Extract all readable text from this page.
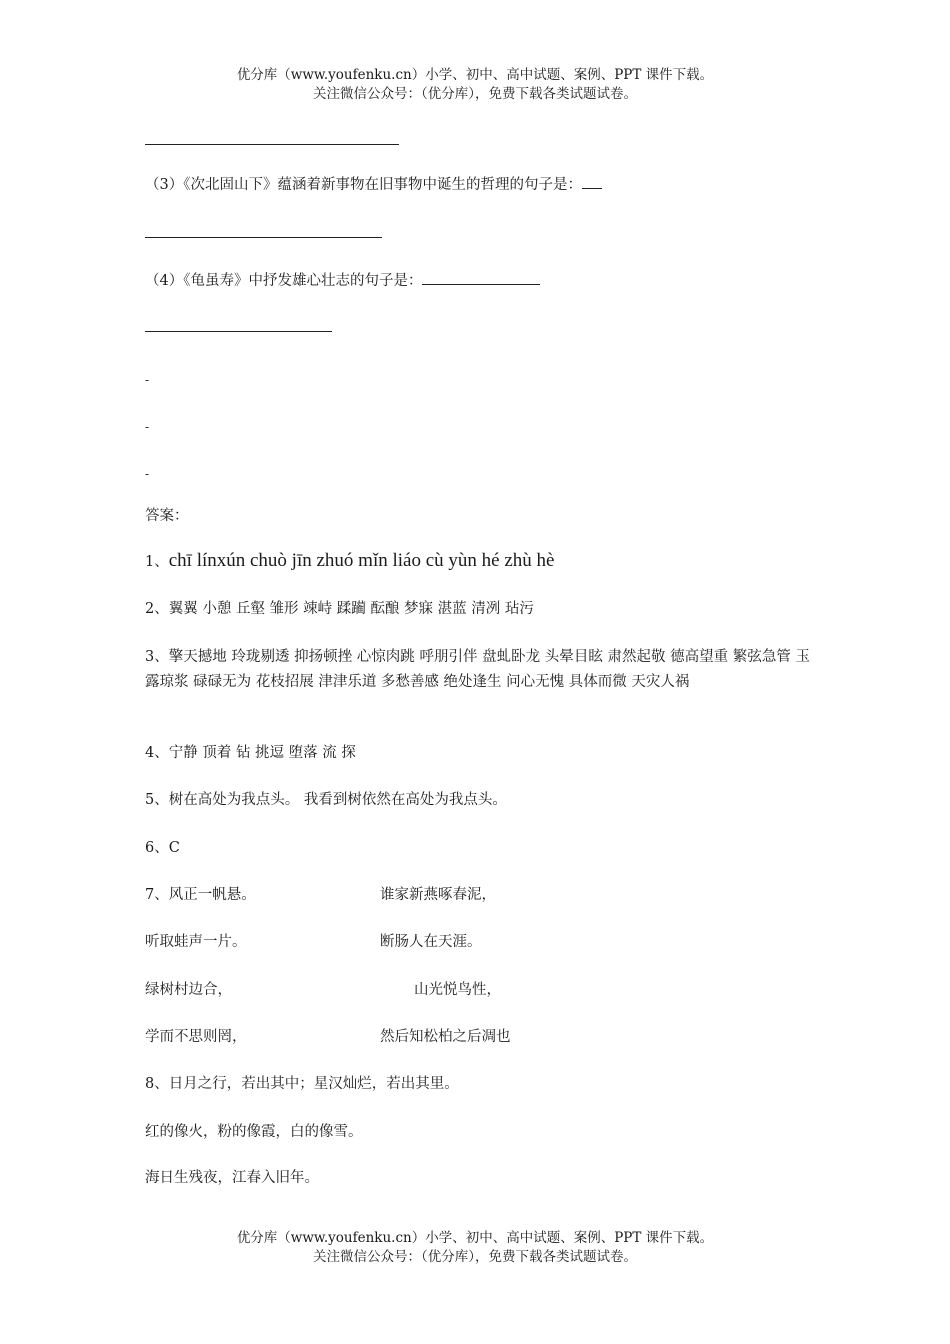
优分库（www.youfenku.cn）小学、初中、高中试题、案例、PPT 课件下载。
关注微信公众号：（优分库），免费下载各类试题试卷。
（3）《次北固山下》蕴涵着新事物在旧事物中诞生的哲理的句子是：
（4）《龟虽寿》中抒发雄心壮志的句子是：
-
-
-
答案：
1、chī línxún chuò jīn zhuó mǐn liáo cù yùn hé zhù hè
2、翼翼 小憩 丘壑 雏形 竦峙 蹂躏 酝酿 梦寐 湛蓝 清冽 玷污
3、擎天撼地 玲珑剔透 抑扬顿挫 心惊肉跳 呼朋引伴 盘虬卧龙 头晕目眩 肃然起敬 德高望重 繁弦急管 玉露琼浆 碌碌无为 花枝招展 津津乐道 多愁善感 绝处逢生 问心无愧 具体而微 天灾人祸
4、宁静 顶着 钻 挑逗 堕落 流 探
5、树在高处为我点头。 我看到树依然在高处为我点头。
6、C
7、风正一帆悬。	谁家新燕啄春泥，
听取蛙声一片。	断肠人在天涯。
绿树村边合，	山光悦鸟性，
学而不思则罔，	然后知松柏之后凋也
8、日月之行，若出其中；星汉灿烂，若出其里。
红的像火，粉的像霞，白的像雪。
海日生残夜，江春入旧年。
优分库（www.youfenku.cn）小学、初中、高中试题、案例、PPT 课件下载。
关注微信公众号：（优分库），免费下载各类试题试卷。
